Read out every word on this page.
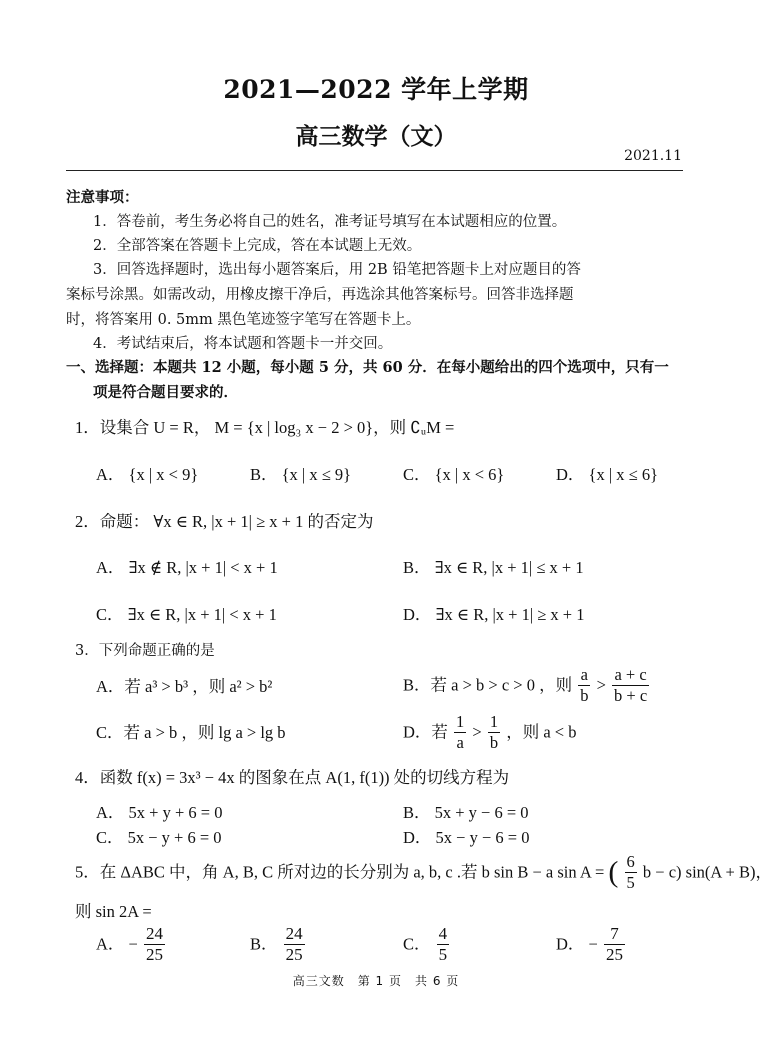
2021—2022 学年上学期
高三数学（文）
2021.11
注意事项：
1．答卷前，考生务必将自己的姓名，准考证号填写在本试题相应的位置。
2．全部答案在答题卡上完成，答在本试题上无效。
3．回答选择题时，选出每小题答案后，用 2B 铅笔把答题卡上对应题目的答
案标号涂黑。如需改动，用橡皮擦干净后，再选涂其他答案标号。回答非选择题
时，将答案用 0. 5mm 黑色笔迹签字笔写在答题卡上。
4．考试结束后，将本试题和答题卡一并交回。
一、选择题：本题共 12 小题，每小题 5 分，共 60 分．在每小题给出的四个选项中，只有一
项是符合题目要求的．
1．设集合 U = R， M = {x | log₃ x − 2 > 0}，则 ∁ᵤM =
A． {x | x < 9}	B． {x | x ≤ 9}	C． {x | x < 6}	D． {x | x ≤ 6}
2．命题： ∀x ∈ R, |x + 1| ≥ x + 1 的否定为
A． ∃x ∉ R, |x + 1| < x + 1	B． ∃x ∈ R, |x + 1| ≤ x + 1
C． ∃x ∈ R, |x + 1| < x + 1	D． ∃x ∈ R, |x + 1| ≥ x + 1
3．下列命题正确的是
A．若 a³ > b³ ，则 a² > b²	B．若 a > b > c > 0 ，则 $\frac{a}{b} > \frac{a + c}{b + c}$
C．若 a > b ，则 lg a > lg b	D．若 $\frac{1}{a} > \frac{1}{b}$ ，则 a < b
4．函数 f(x) = 3x³ − 4x 的图象在点 A(1, f(1)) 处的切线方程为
A． 5x + y + 6 = 0	B． 5x + y − 6 = 0
C． 5x − y + 6 = 0	D． 5x − y − 6 = 0
5．在 ΔABC 中，角 A, B, C 所对边的长分别为 a, b, c .若 b sin B − a sin A = ( $\frac{6}{5}$ b − c) sin(A + B)，
则 sin 2A =
A． − $\frac{24}{25}$	B． $\frac{24}{25}$	C． $\frac{4}{5}$	D． − $\frac{7}{25}$
高三文数　第 1 页　共 6 页
